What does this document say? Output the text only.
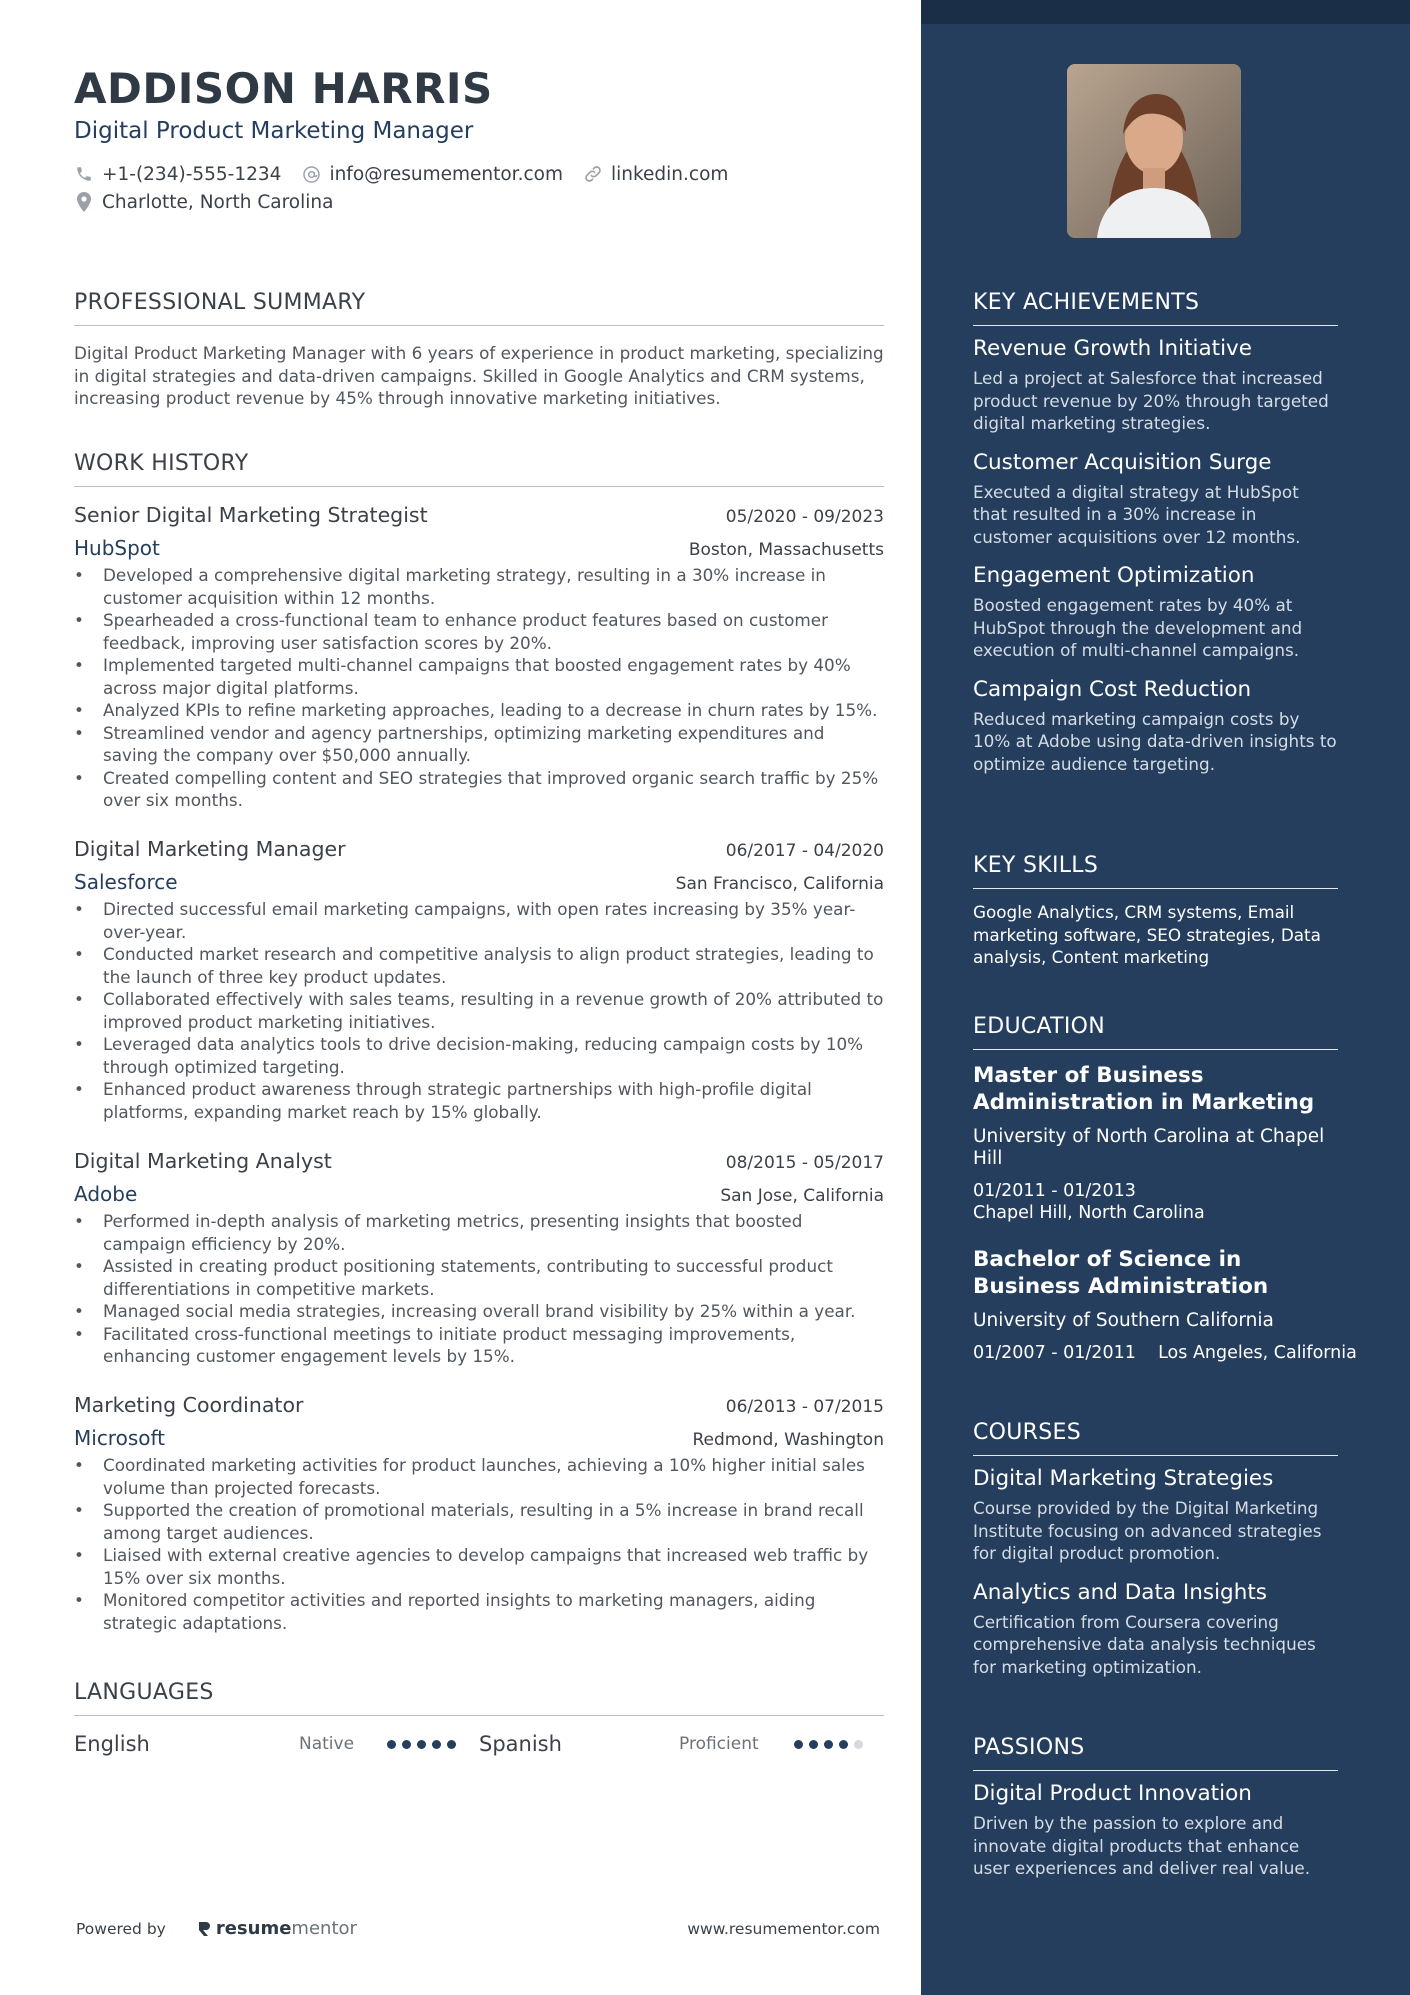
ADDISON HARRIS
Digital Product Marketing Manager
+1-(234)-555-1234	info@resumementor.com	linkedin.com
Charlotte, North Carolina
PROFESSIONAL SUMMARY
Digital Product Marketing Manager with 6 years of experience in product marketing, specializing in digital strategies and data-driven campaigns. Skilled in Google Analytics and CRM systems, increasing product revenue by 45% through innovative marketing initiatives.
WORK HISTORY
Senior Digital Marketing Strategist	05/2020 - 09/2023
HubSpot	Boston, Massachusetts
• Developed a comprehensive digital marketing strategy, resulting in a 30% increase in customer acquisition within 12 months.
• Spearheaded a cross-functional team to enhance product features based on customer feedback, improving user satisfaction scores by 20%.
• Implemented targeted multi-channel campaigns that boosted engagement rates by 40% across major digital platforms.
• Analyzed KPIs to refine marketing approaches, leading to a decrease in churn rates by 15%.
• Streamlined vendor and agency partnerships, optimizing marketing expenditures and saving the company over $50,000 annually.
• Created compelling content and SEO strategies that improved organic search traffic by 25% over six months.
Digital Marketing Manager	06/2017 - 04/2020
Salesforce	San Francisco, California
• Directed successful email marketing campaigns, with open rates increasing by 35% year-over-year.
• Conducted market research and competitive analysis to align product strategies, leading to the launch of three key product updates.
• Collaborated effectively with sales teams, resulting in a revenue growth of 20% attributed to improved product marketing initiatives.
• Leveraged data analytics tools to drive decision-making, reducing campaign costs by 10% through optimized targeting.
• Enhanced product awareness through strategic partnerships with high-profile digital platforms, expanding market reach by 15% globally.
Digital Marketing Analyst	08/2015 - 05/2017
Adobe	San Jose, California
• Performed in-depth analysis of marketing metrics, presenting insights that boosted campaign efficiency by 20%.
• Assisted in creating product positioning statements, contributing to successful product differentiations in competitive markets.
• Managed social media strategies, increasing overall brand visibility by 25% within a year.
• Facilitated cross-functional meetings to initiate product messaging improvements, enhancing customer engagement levels by 15%.
Marketing Coordinator	06/2013 - 07/2015
Microsoft	Redmond, Washington
• Coordinated marketing activities for product launches, achieving a 10% higher initial sales volume than projected forecasts.
• Supported the creation of promotional materials, resulting in a 5% increase in brand recall among target audiences.
• Liaised with external creative agencies to develop campaigns that increased web traffic by 15% over six months.
• Monitored competitor activities and reported insights to marketing managers, aiding strategic adaptations.
LANGUAGES
English	Native	Spanish	Proficient
Powered by	resume mentor	www.resumementor.com
KEY ACHIEVEMENTS
Revenue Growth Initiative
Led a project at Salesforce that increased product revenue by 20% through targeted digital marketing strategies.
Customer Acquisition Surge
Executed a digital strategy at HubSpot that resulted in a 30% increase in customer acquisitions over 12 months.
Engagement Optimization
Boosted engagement rates by 40% at HubSpot through the development and execution of multi-channel campaigns.
Campaign Cost Reduction
Reduced marketing campaign costs by 10% at Adobe using data-driven insights to optimize audience targeting.
KEY SKILLS
Google Analytics, CRM systems, Email marketing software, SEO strategies, Data analysis, Content marketing
EDUCATION
Master of Business Administration in Marketing
University of North Carolina at Chapel Hill
01/2011 - 01/2013
Chapel Hill, North Carolina
Bachelor of Science in Business Administration
University of Southern California
01/2007 - 01/2011 Los Angeles, California
COURSES
Digital Marketing Strategies
Course provided by the Digital Marketing Institute focusing on advanced strategies for digital product promotion.
Analytics and Data Insights
Certification from Coursera covering comprehensive data analysis techniques for marketing optimization.
PASSIONS
Digital Product Innovation
Driven by the passion to explore and innovate digital products that enhance user experiences and deliver real value.
